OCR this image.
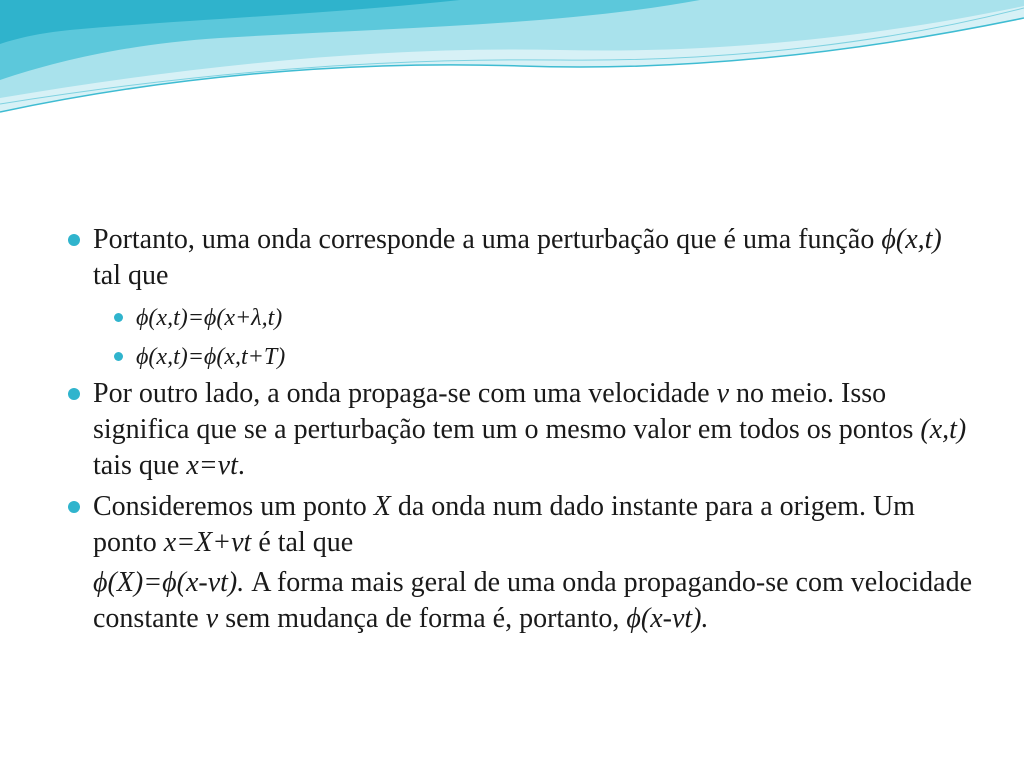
Portanto, uma onda corresponde a uma perturbação que é uma função ϕ(x,t) tal que

ϕ(x,t)=ϕ(x+λ,t)
ϕ(x,t)=ϕ(x,t+T)

Por outro lado, a onda propaga-se com uma velocidade v no meio. Isso significa que se a perturbação tem um o mesmo valor em todos os pontos (x,t) tais que x=vt.

Consideremos um ponto X da onda num dado instante para a origem. Um ponto x=X+vt é tal que

ϕ(X)=ϕ(x-vt). A forma mais geral de uma onda propagando-se com velocidade constante v sem mudança de forma é, portanto, ϕ(x-vt).
